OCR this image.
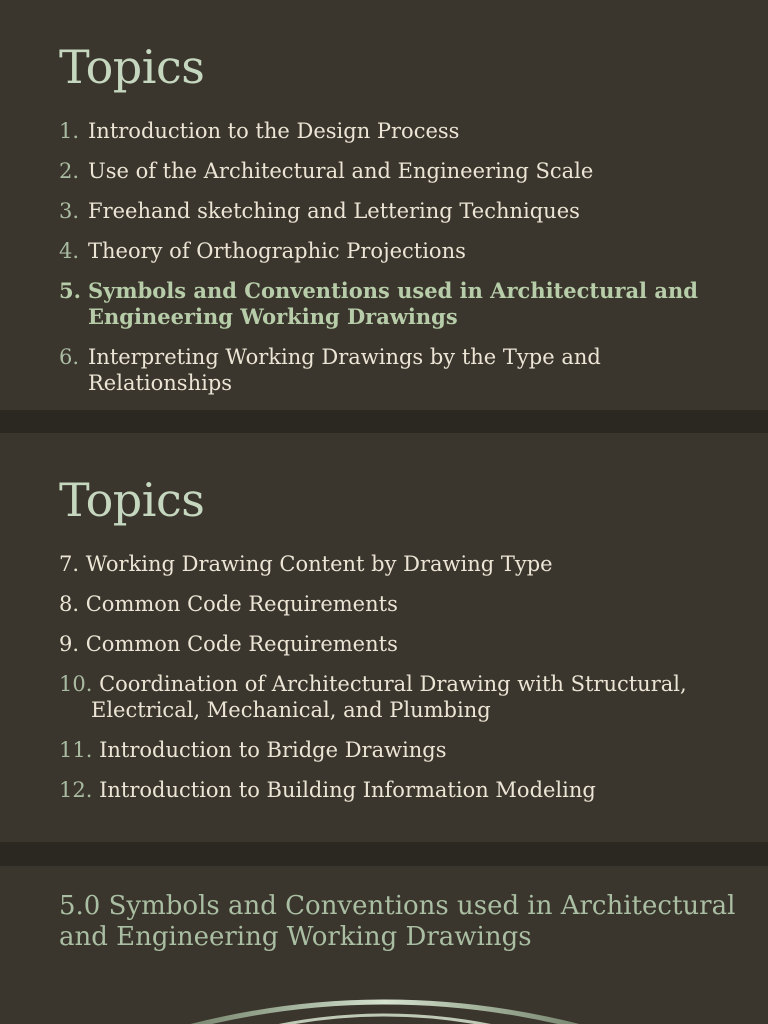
Topics
1. Introduction to the Design Process
2. Use of the Architectural and Engineering Scale
3. Freehand sketching and Lettering Techniques
4. Theory of Orthographic Projections
5. Symbols and Conventions used in Architectural and Engineering Working Drawings
6. Interpreting Working Drawings by the Type and Relationships
Topics
7. Working Drawing Content by Drawing Type
8. Common Code Requirements
9. Common Code Requirements
10. Coordination of Architectural Drawing with Structural, Electrical, Mechanical, and Plumbing
11. Introduction to Bridge Drawings
12. Introduction to Building Information Modeling
5.0 Symbols and Conventions used in Architectural and Engineering Working Drawings
